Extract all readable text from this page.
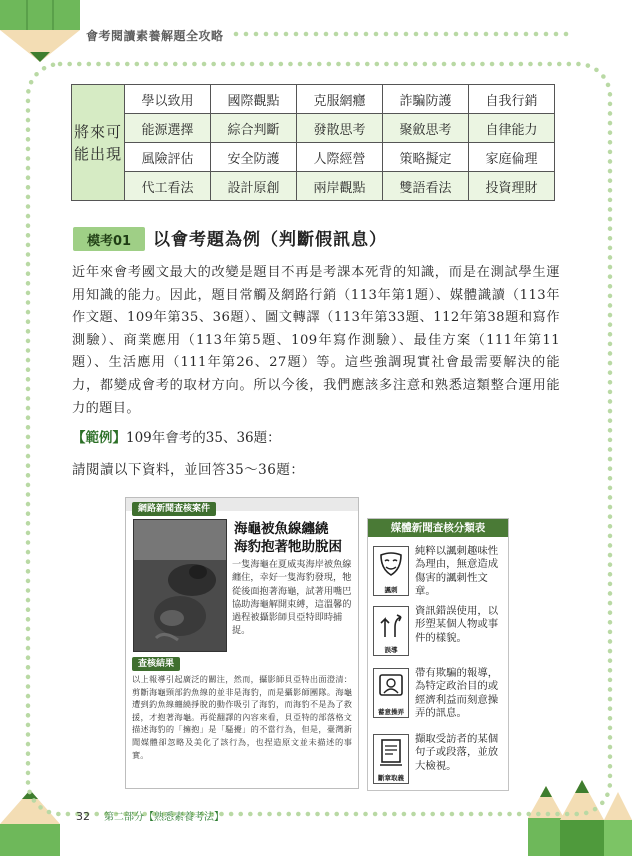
會考閱讀素養解題全攻略
將來可能出現	學以致用	國際觀點	克服網癮	詐騙防護	自我行銷
	能源選擇	綜合判斷	發散思考	聚斂思考	自律能力
	風險評估	安全防護	人際經營	策略擬定	家庭倫理
	代工看法	設計原創	兩岸觀點	雙語看法	投資理財
模考01	以會考題為例（判斷假訊息）

近年來會考國文最大的改變是題目不再是考課本死背的知識，而是在測試學生運用知識的能力。因此，題目常觸及網路行銷（113年第1題）、媒體識讀（113年作文題、109年第35、36題）、圖文轉譯（113年第33題、112年第38題和寫作測驗）、商業應用（113年第5題、109年寫作測驗）、最佳方案（111年第11題）、生活應用（111年第26、27題）等。這些強調現實社會最需要解決的能力，都變成會考的取材方向。所以今後，我們應該多注意和熟悉這類整合運用能力的題目。

【範例】109年會考的35、36題：
請閱讀以下資料，並回答35～36題：
網路新聞查核案件
海龜被魚線纏繞
海豹抱著牠助脫困

一隻海龜在夏威夷海岸被魚線纏住，幸好一隻海豹發現，牠從後面抱著海龜，試著用嘴巴協助海龜解開束縛，這溫馨的過程被攝影師貝亞特即時捕捉。

查核結果

以上報導引起廣泛的關注，然而，攝影師貝亞特出面澄清：剪斷海龜頸部釣魚線的並非是海豹，而是攝影師團隊。海龜遭到釣魚線纏繞掙脫的動作吸引了海豹，而海豹不是為了救援，才抱著海龜。再從翻譯的內容來看，貝亞特的部落格文描述海豹的「擁抱」是「騷擾」的不當行為，但是，臺灣新聞媒體卻忽略及美化了該行為，也捏造原文並未描述的事實。

媒體新聞查核分類表
諷刺

純粹以諷刺趣味性為理由，無意造成傷害的諷刺性文章。

誤導

資訊錯誤使用，以形塑某個人物或事件的樣貌。

蓄意操弄

帶有欺騙的報導，為特定政治目的或經濟利益而刻意操弄的訊息。

斷章取義

擷取受訪者的某個句子或段落，並放大檢視。

32 第二部分【熟悉素養考法】
